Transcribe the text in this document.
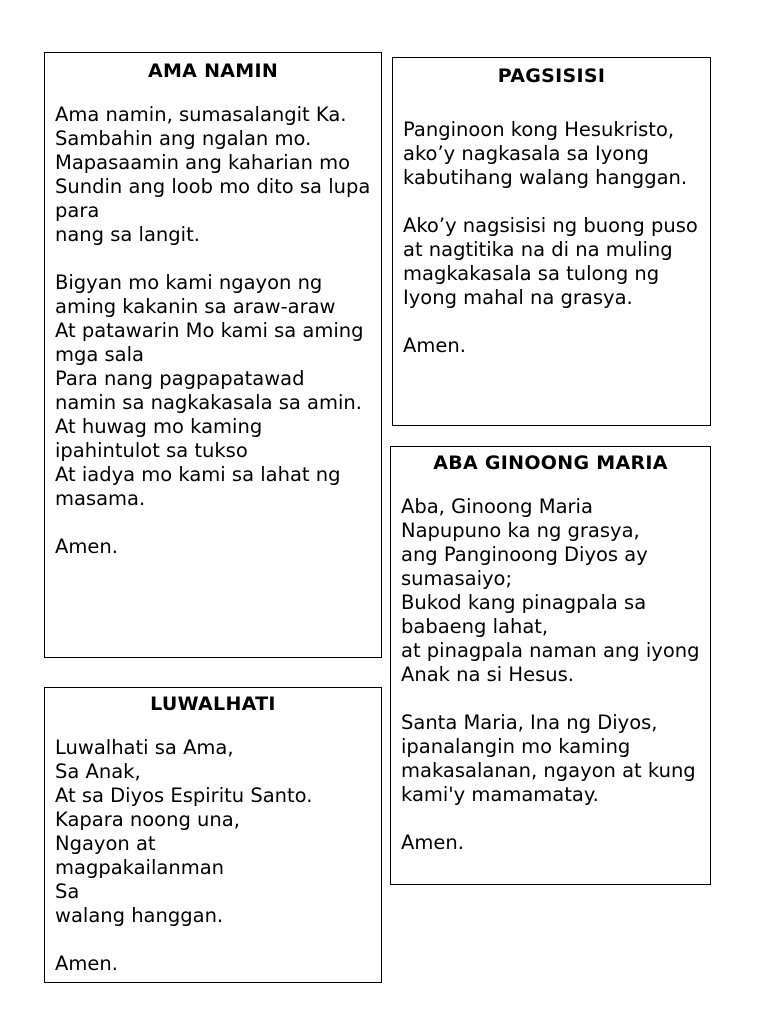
AMA NAMIN
Ama namin, sumasalangit Ka.
Sambahin ang ngalan mo.
Mapasaamin ang kaharian mo
Sundin ang loob mo dito sa lupa para
nang sa langit.
Bigyan mo kami ngayon ng aming kakanin sa araw-araw
At patawarin Mo kami sa aming mga sala
Para nang pagpapatawad namin sa nagkakasala sa amin.
At huwag mo kaming ipahintulot sa tukso
At iadya mo kami sa lahat ng masama.
Amen.
LUWALHATI
Luwalhati sa Ama,
Sa Anak,
At sa Diyos Espiritu Santo.
Kapara noong una,
Ngayon at
magpakailanman
Sa
walang hanggan.
Amen.
PAGSISISI
Panginoon kong Hesukristo, ako’y nagkasala sa Iyong kabutihang walang hanggan.
Ako’y nagsisisi ng buong puso at nagtitika na di na muling magkakasala sa tulong ng Iyong mahal na grasya.
Amen.
ABA GINOONG MARIA
Aba, Ginoong Maria
Napupuno ka ng grasya,
ang Panginoong Diyos ay sumasaiyo;
Bukod kang pinagpala sa babaeng lahat,
at pinagpala naman ang iyong Anak na si Hesus.
Santa Maria, Ina ng Diyos, ipanalangin mo kaming makasalanan, ngayon at kung kami'y mamamatay.
Amen.
